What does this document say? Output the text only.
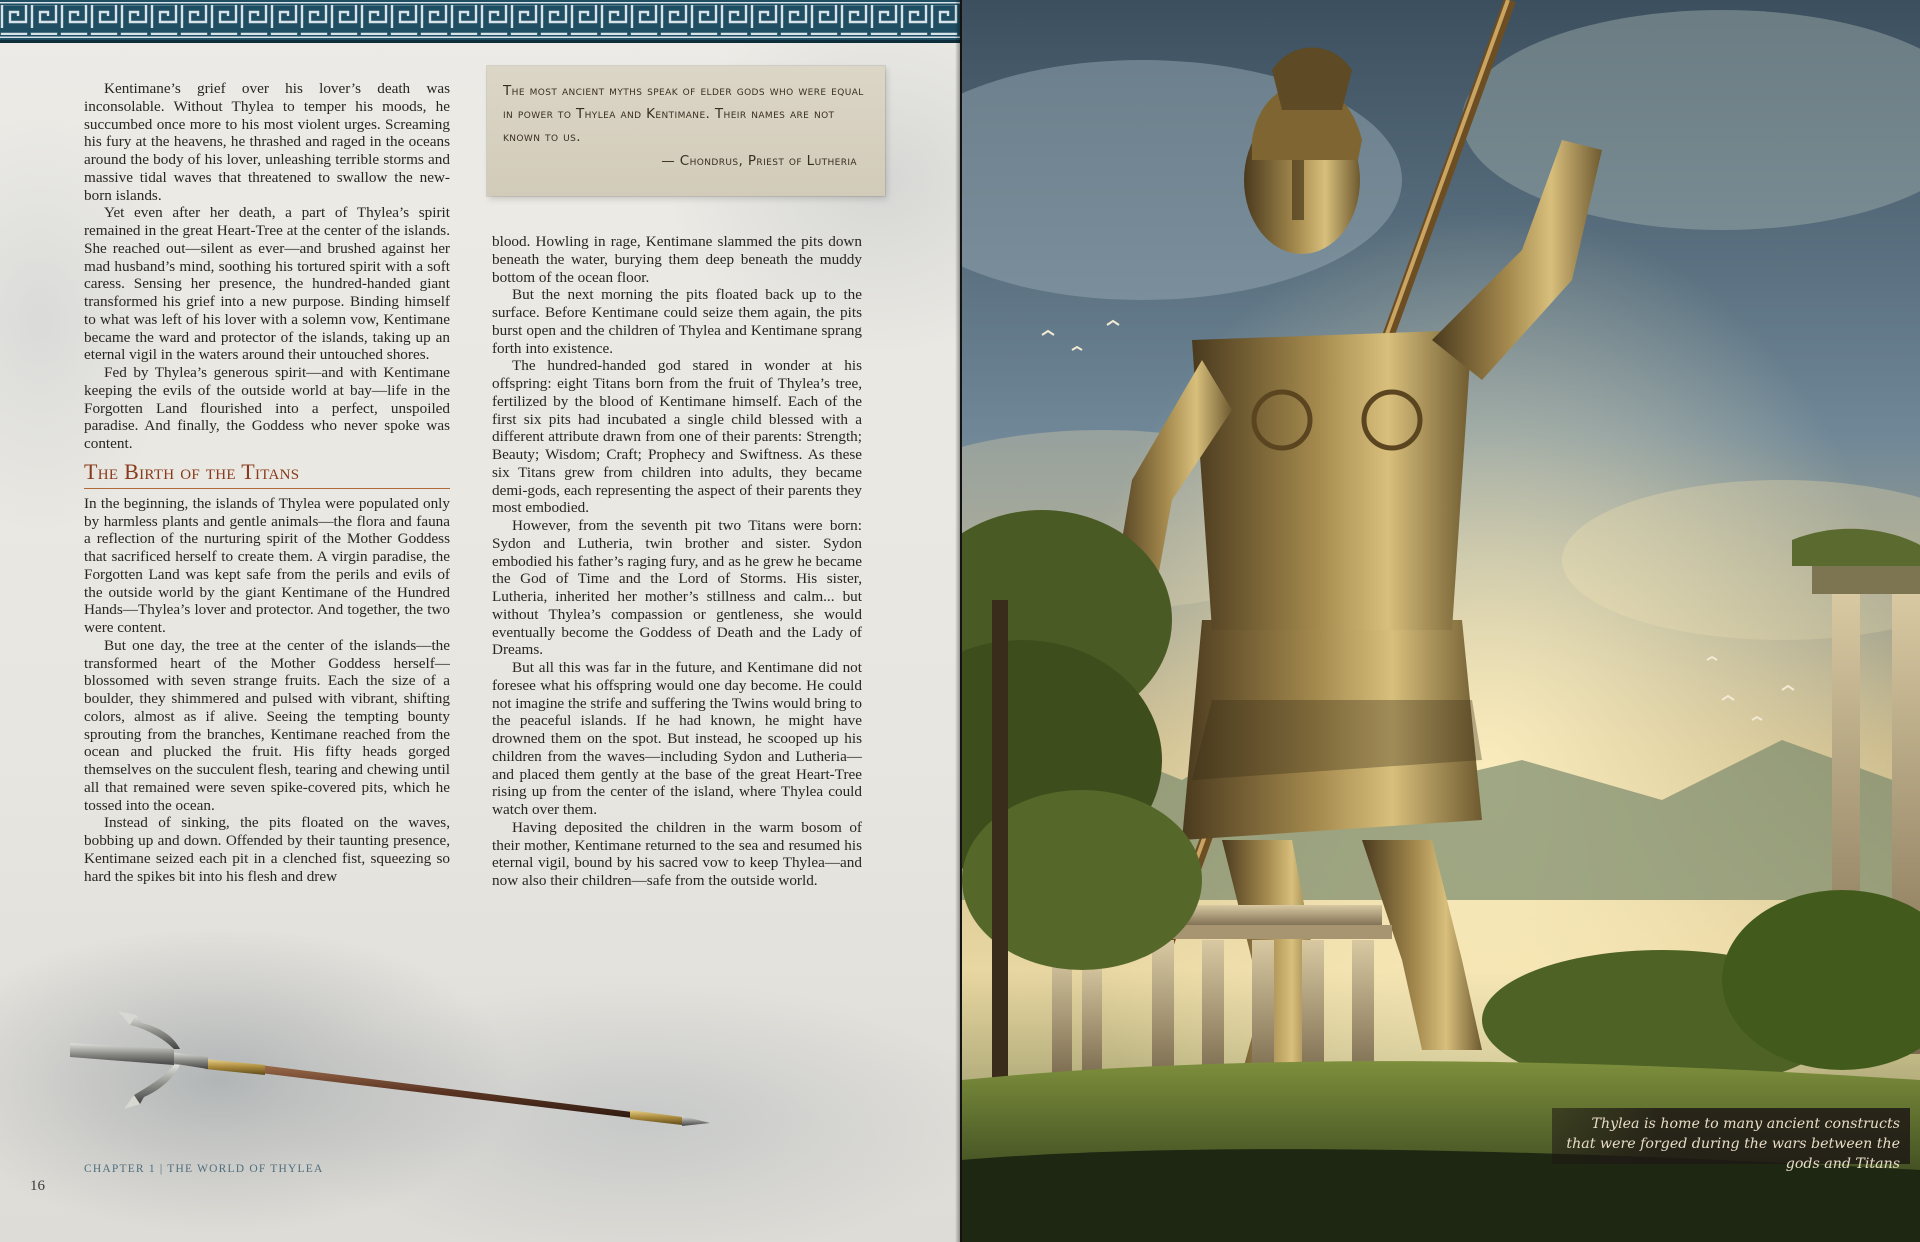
The most ancient myths speak of elder gods who were equal in power to Thylea and Kentimane. Their names are not known to us.

— Chondrus, Priest of Lutheria

Kentimane’s grief over his lover’s death was inconsolable. Without Thylea to temper his moods, he succumbed once more to his most violent urges. Screaming his fury at the heavens, he thrashed and raged in the oceans around the body of his lover, unleashing terrible storms and massive tidal waves that threatened to swallow the new-born islands.

Yet even after her death, a part of Thylea’s spirit remained in the great Heart-Tree at the center of the islands. She reached out—silent as ever—and brushed against her mad husband’s mind, soothing his tortured spirit with a soft caress. Sensing her presence, the hundred-handed giant transformed his grief into a new purpose. Binding himself to what was left of his lover with a solemn vow, Kentimane became the ward and protector of the islands, taking up an eternal vigil in the waters around their untouched shores.

Fed by Thylea’s generous spirit—and with Kentimane keeping the evils of the outside world at bay—life in the Forgotten Land flourished into a perfect, unspoiled paradise. And finally, the Goddess who never spoke was content.

The Birth of the Titans

In the beginning, the islands of Thylea were populated only by harmless plants and gentle animals—the flora and fauna a reflection of the nurturing spirit of the Mother Goddess that sacrificed herself to create them. A virgin paradise, the Forgotten Land was kept safe from the perils and evils of the outside world by the giant Kentimane of the Hundred Hands—Thylea’s lover and protector. And together, the two were content.

But one day, the tree at the center of the islands—the transformed heart of the Mother Goddess herself—blossomed with seven strange fruits. Each the size of a boulder, they shimmered and pulsed with vibrant, shifting colors, almost as if alive. Seeing the tempting bounty sprouting from the branches, Kentimane reached from the ocean and plucked the fruit. His fifty heads gorged themselves on the succulent flesh, tearing and chewing until all that remained were seven spike-covered pits, which he tossed into the ocean.

Instead of sinking, the pits floated on the waves, bobbing up and down. Offended by their taunting presence, Kentimane seized each pit in a clenched fist, squeezing so hard the spikes bit into his flesh and drew

blood. Howling in rage, Kentimane slammed the pits down beneath the water, burying them deep beneath the muddy bottom of the ocean floor.

But the next morning the pits floated back up to the surface. Before Kentimane could seize them again, the pits burst open and the children of Thylea and Kentimane sprang forth into existence.

The hundred-handed god stared in wonder at his offspring: eight Titans born from the fruit of Thylea’s tree, fertilized by the blood of Kentimane himself. Each of the first six pits had incubated a single child blessed with a different attribute drawn from one of their parents: Strength; Beauty; Wisdom; Craft; Prophecy and Swiftness. As these six Titans grew from children into adults, they became demi-gods, each representing the aspect of their parents they most embodied.

However, from the seventh pit two Titans were born: Sydon and Lutheria, twin brother and sister. Sydon embodied his father’s raging fury, and as he grew he became the God of Time and the Lord of Storms. His sister, Lutheria, inherited her mother’s stillness and calm... but without Thylea’s compassion or gentleness, she would eventually become the Goddess of Death and the Lady of Dreams.

But all this was far in the future, and Kentimane did not foresee what his offspring would one day become. He could not imagine the strife and suffering the Twins would bring to the peaceful islands. If he had known, he might have drowned them on the spot. But instead, he scooped up his children from the waves—including Sydon and Lutheria—and placed them gently at the base of the great Heart-Tree rising up from the center of the island, where Thylea could watch over them.

Having deposited the children in the warm bosom of their mother, Kentimane returned to the sea and resumed his eternal vigil, bound by his sacred vow to keep Thylea—and now also their children—safe from the outside world.

CHAPTER 1 | THE WORLD OF THYLEA
16

Thylea is home to many ancient constructs that were forged during the wars between the gods and Titans
